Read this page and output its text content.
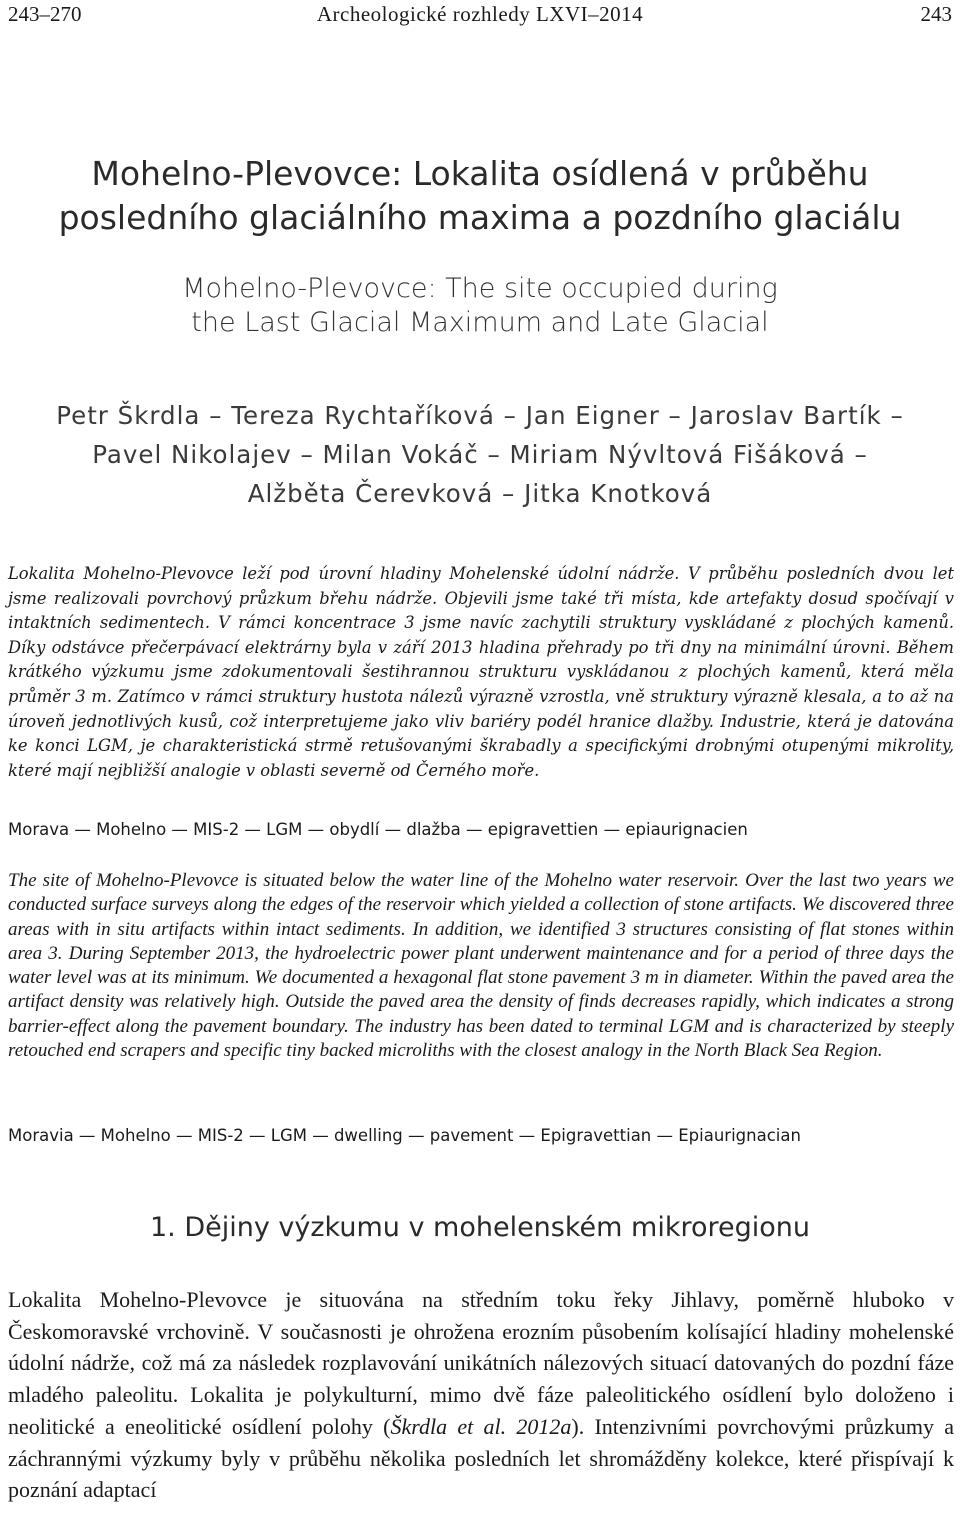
243–270	Archeologické rozhledy LXVI–2014	243
Mohelno-Plevovce: Lokalita osídlená v průběhu
posledního glaciálního maxima a pozdního glaciálu
Mohelno-Plevovce: The site occupied during
the Last Glacial Maximum and Late Glacial
Petr Škrdla – Tereza Rychtaříková – Jan Eigner – Jaroslav Bartík –
Pavel Nikolajev – Milan Vokáč – Miriam Nývltová Fišáková –
Alžběta Čerevková – Jitka Knotková

Lokalita Mohelno-Plevovce leží pod úrovní hladiny Mohelenské údolní nádrže. V průběhu posledních dvou let jsme realizovali povrchový průzkum břehu nádrže. Objevili jsme také tři místa, kde artefakty dosud spočívají v intaktních sedimentech. V rámci koncentrace 3 jsme navíc zachytili struktury vyskládané z plochých kamenů. Díky odstávce přečerpávací elektrárny byla v září 2013 hladina přehrady po tři dny na minimální úrovni. Během krátkého výzkumu jsme zdokumentovali šestihrannou strukturu vyskládanou z plochých kamenů, která měla průměr 3 m. Zatímco v rámci struktury hustota nálezů výrazně vzrostla, vně struktury výrazně klesala, a to až na úroveň jednotlivých kusů, což interpretujeme jako vliv bariéry podél hranice dlažby. Industrie, která je datována ke konci LGM, je charakteristická strmě retušovanými škrabadly a specifickými drobnými otupenými mikrolity, které mají nejbližší analogie v oblasti severně od Černého moře.

Morava — Mohelno — MIS-2 — LGM — obydlí — dlažba — epigravettien — epiaurignacien

The site of Mohelno-Plevovce is situated below the water line of the Mohelno water reservoir. Over the last two years we conducted surface surveys along the edges of the reservoir which yielded a collection of stone artifacts. We discovered three areas with in situ artifacts within intact sediments. In addition, we identified 3 structures consisting of flat stones within area 3. During September 2013, the hydroelectric power plant underwent maintenance and for a period of three days the water level was at its minimum. We documented a hexagonal flat stone pavement 3 m in diameter. Within the paved area the artifact density was relatively high. Outside the paved area the density of finds decreases rapidly, which indicates a strong barrier-effect along the pavement boundary. The industry has been dated to terminal LGM and is characterized by steeply retouched end scrapers and specific tiny backed microliths with the closest analogy in the North Black Sea Region.

Moravia — Mohelno — MIS-2 — LGM — dwelling — pavement — Epigravettian — Epiaurignacian

1. Dějiny výzkumu v mohelenském mikroregionu

Lokalita Mohelno-Plevovce je situována na středním toku řeky Jihlavy, poměrně hluboko v Českomoravské vrchovině. V současnosti je ohrožena erozním působením kolísající hladiny mohelenské údolní nádrže, což má za následek rozplavování unikátních nálezových situací datovaných do pozdní fáze mladého paleolitu. Lokalita je polykulturní, mimo dvě fáze paleolitického osídlení bylo doloženo i neolitické a eneolitické osídlení polohy (Škrdla et al. 2012a). Intenzivními povrchovými průzkumy a záchrannými výzkumy byly v průběhu několika posledních let shromážděny kolekce, které přispívají k poznání adaptací
